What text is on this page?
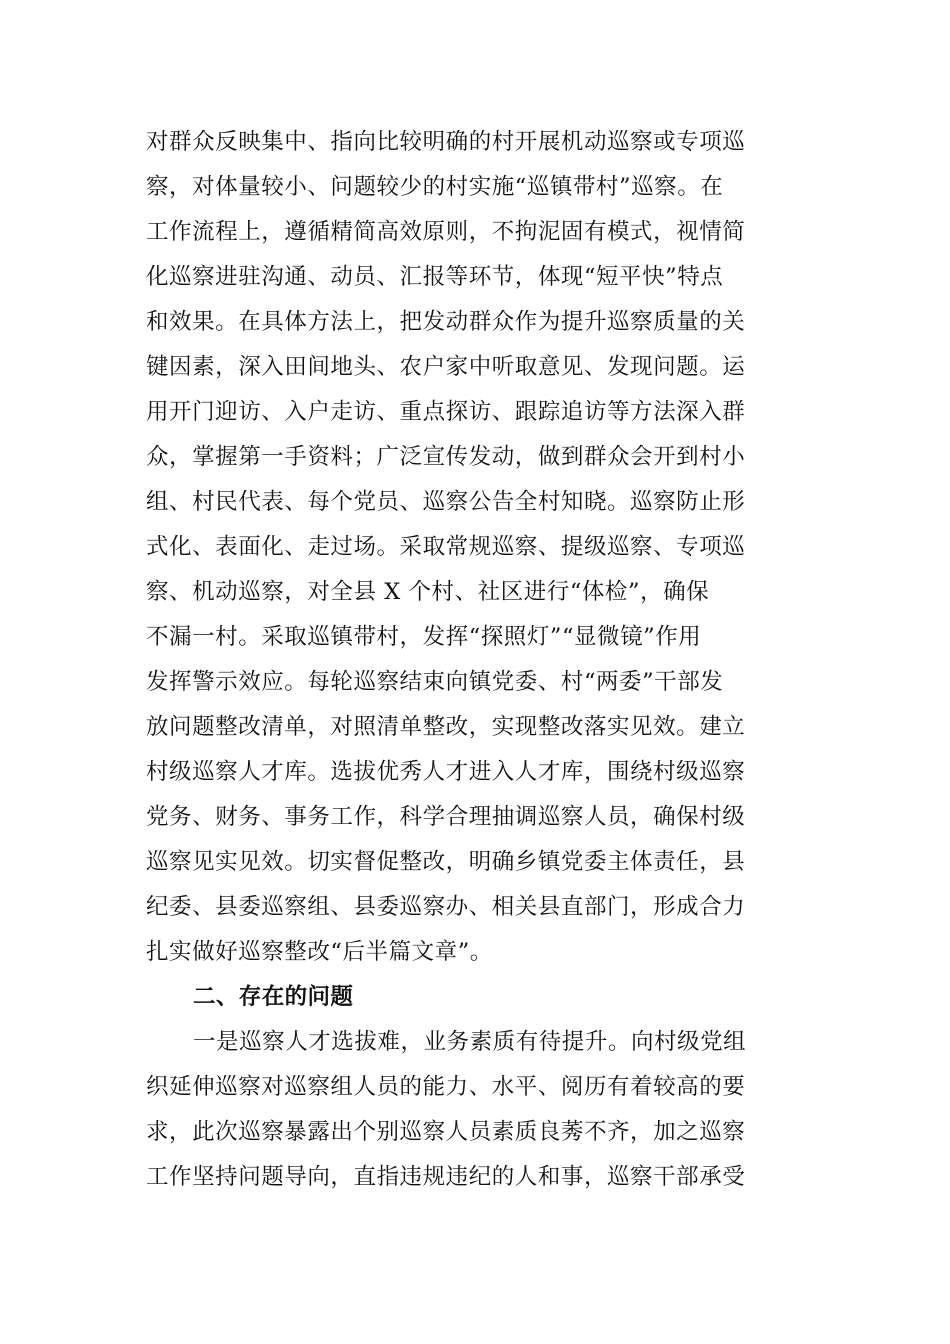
对群众反映集中、指向比较明确的村开展机动巡察或专项巡
察，对体量较小、问题较少的村实施“巡镇带村”巡察。在
工作流程上，遵循精简高效原则，不拘泥固有模式，视情简
化巡察进驻沟通、动员、汇报等环节，体现“短平快”特点
和效果。在具体方法上，把发动群众作为提升巡察质量的关
键因素，深入田间地头、农户家中听取意见、发现问题。运
用开门迎访、入户走访、重点探访、跟踪追访等方法深入群
众，掌握第一手资料；广泛宣传发动，做到群众会开到村小
组、村民代表、每个党员、巡察公告全村知晓。巡察防止形
式化、表面化、走过场。采取常规巡察、提级巡察、专项巡
察、机动巡察，对全县 X 个村、社区进行“体检”，确保
不漏一村。采取巡镇带村，发挥“探照灯”“显微镜”作用
发挥警示效应。每轮巡察结束向镇党委、村“两委”干部发
放问题整改清单，对照清单整改，实现整改落实见效。建立
村级巡察人才库。选拔优秀人才进入人才库，围绕村级巡察
党务、财务、事务工作，科学合理抽调巡察人员，确保村级
巡察见实见效。切实督促整改，明确乡镇党委主体责任，县
纪委、县委巡察组、县委巡察办、相关县直部门，形成合力
扎实做好巡察整改“后半篇文章”。
二、存在的问题
一是巡察人才选拔难，业务素质有待提升。向村级党组
织延伸巡察对巡察组人员的能力、水平、阅历有着较高的要
求，此次巡察暴露出个别巡察人员素质良莠不齐，加之巡察
工作坚持问题导向，直指违规违纪的人和事，巡察干部承受
